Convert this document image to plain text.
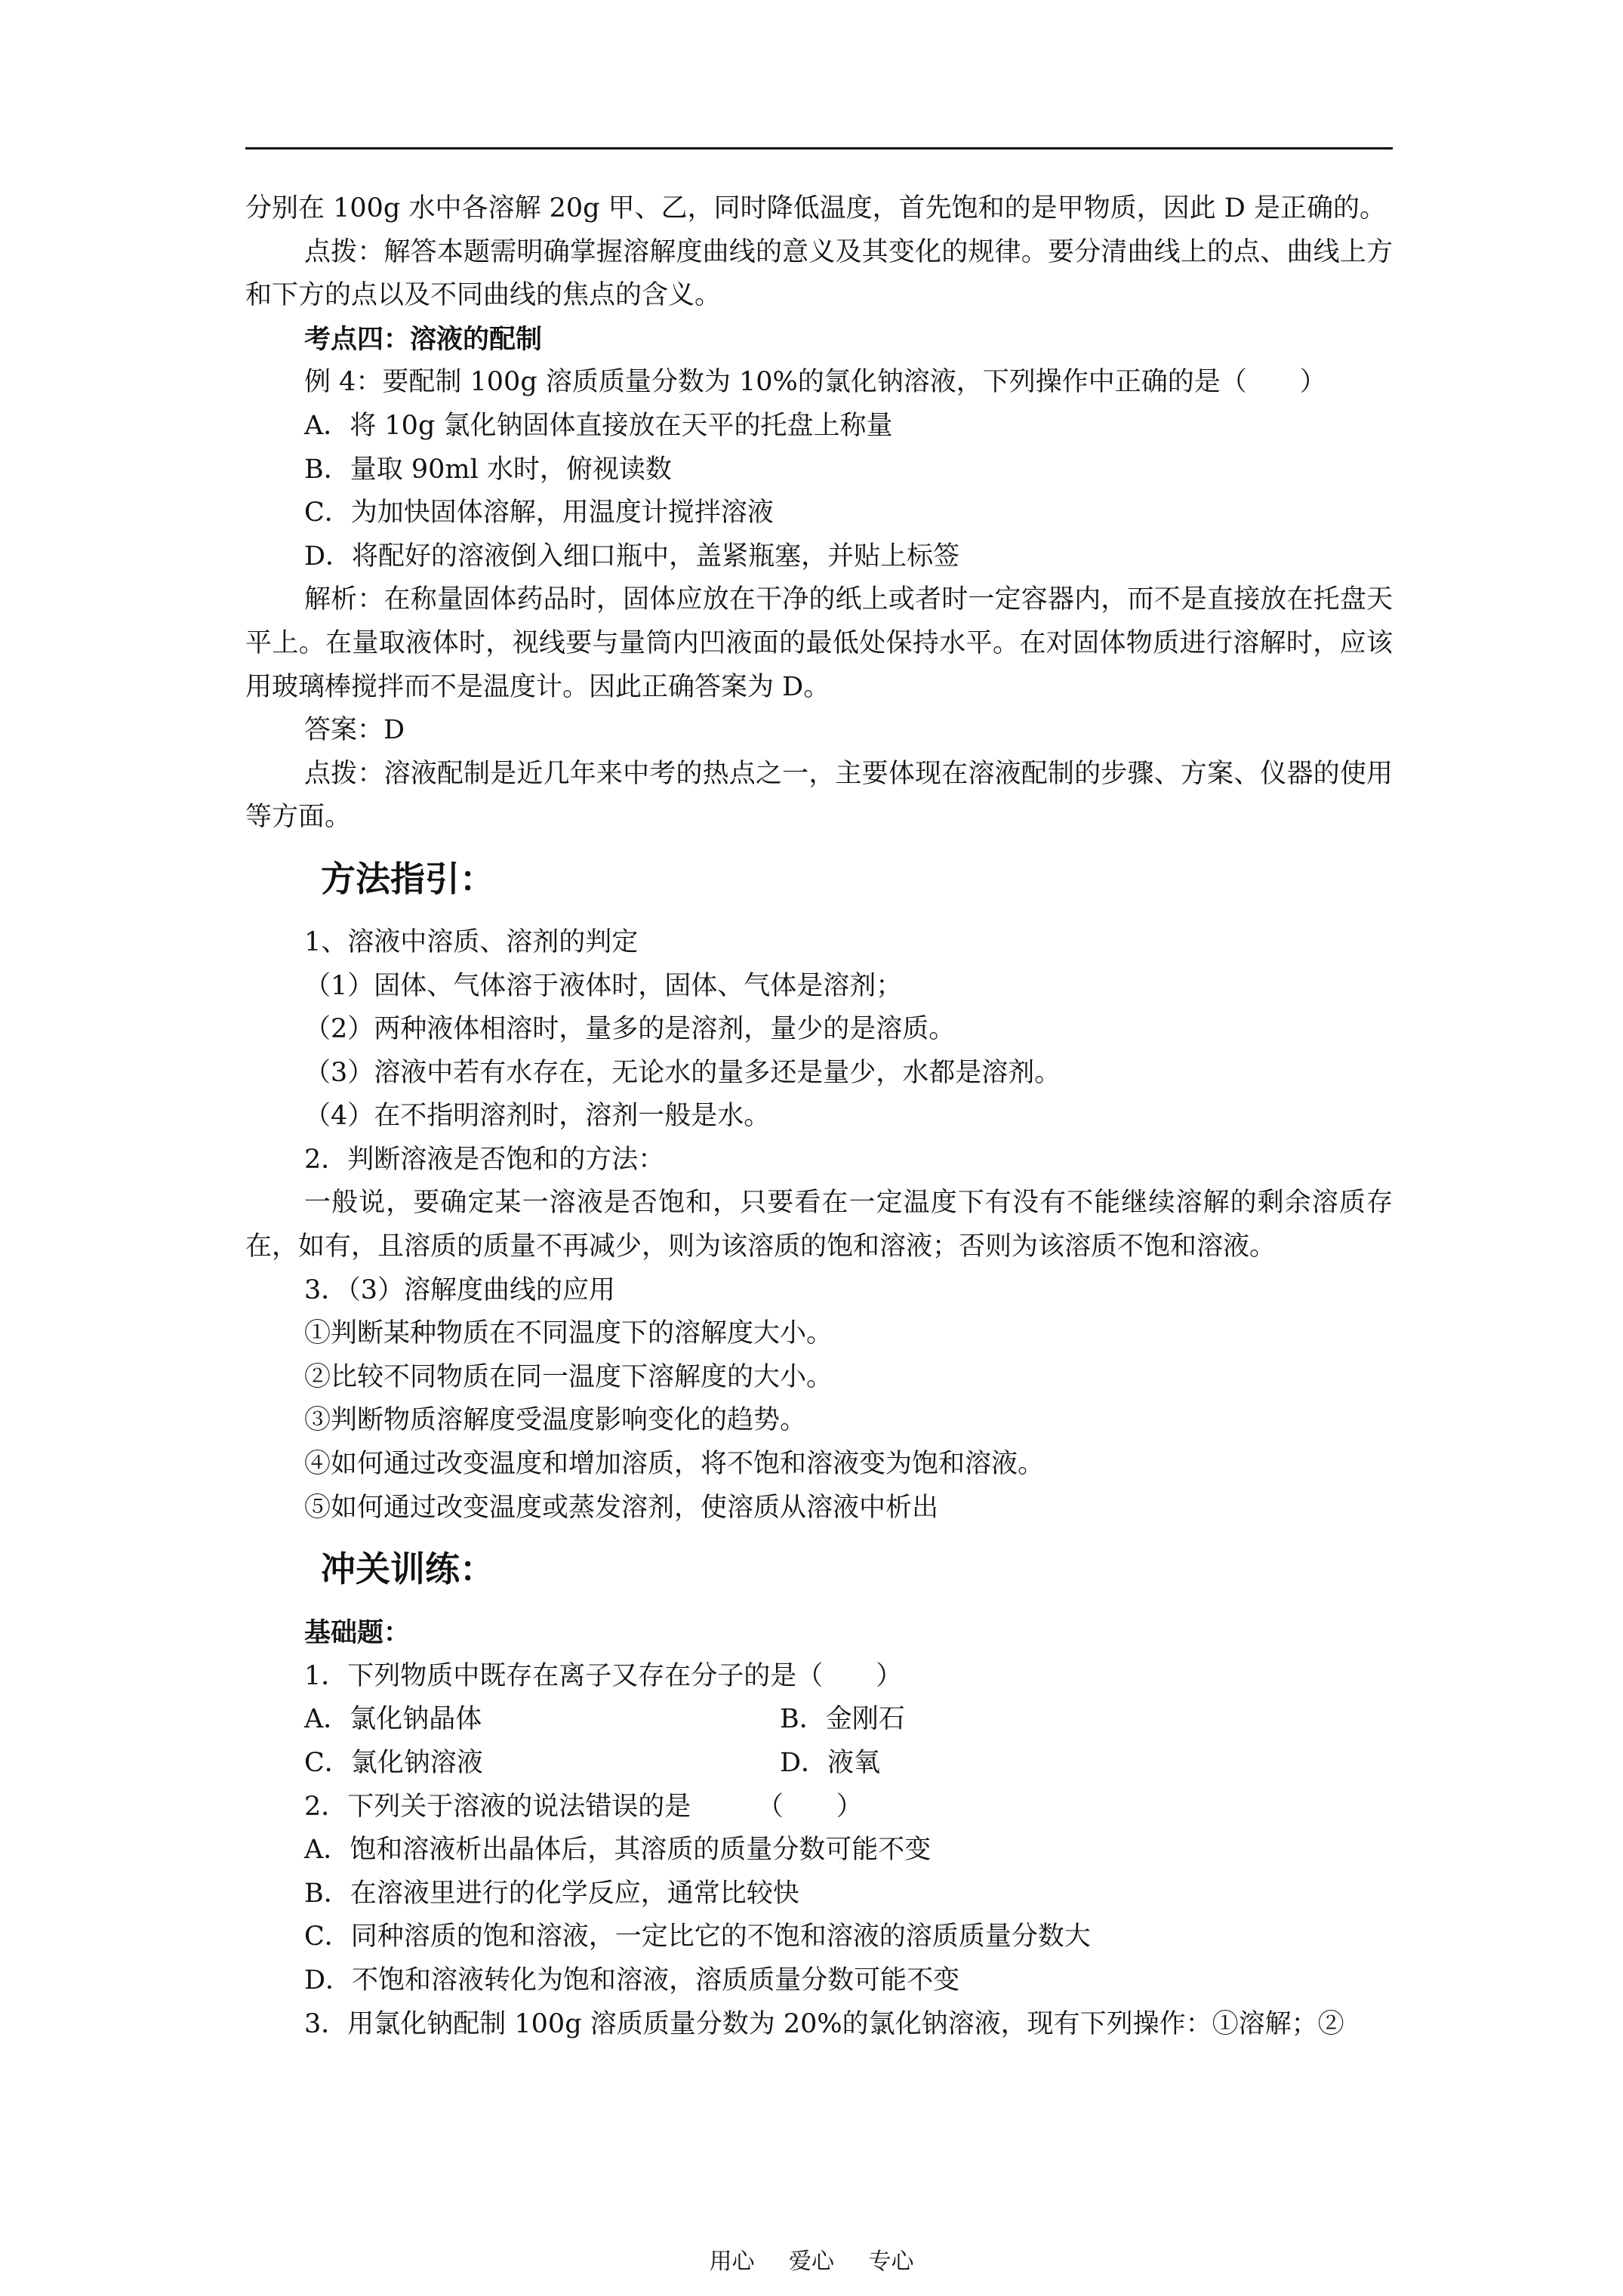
分别在 100g 水中各溶解 20g 甲、乙，同时降低温度，首先饱和的是甲物质，因此 D 是正确的。
点拨：解答本题需明确掌握溶解度曲线的意义及其变化的规律。要分清曲线上的点、曲线上方和下方的点以及不同曲线的焦点的含义。
考点四：溶液的配制
例 4：要配制 100g 溶质质量分数为 10%的氯化钠溶液，下列操作中正确的是（　　）
A．将 10g 氯化钠固体直接放在天平的托盘上称量
B．量取 90ml 水时，俯视读数
C．为加快固体溶解，用温度计搅拌溶液
D．将配好的溶液倒入细口瓶中，盖紧瓶塞，并贴上标签
解析：在称量固体药品时，固体应放在干净的纸上或者时一定容器内，而不是直接放在托盘天平上。在量取液体时，视线要与量筒内凹液面的最低处保持水平。在对固体物质进行溶解时，应该用玻璃棒搅拌而不是温度计。因此正确答案为 D。
答案：D
点拨：溶液配制是近几年来中考的热点之一，主要体现在溶液配制的步骤、方案、仪器的使用等方面。
方法指引：
1、溶液中溶质、溶剂的判定
（1）固体、气体溶于液体时，固体、气体是溶剂；
（2）两种液体相溶时，量多的是溶剂，量少的是溶质。
（3）溶液中若有水存在，无论水的量多还是量少，水都是溶剂。
（4）在不指明溶剂时，溶剂一般是水。
2．判断溶液是否饱和的方法：
一般说，要确定某一溶液是否饱和，只要看在一定温度下有没有不能继续溶解的剩余溶质存在，如有，且溶质的质量不再减少，则为该溶质的饱和溶液；否则为该溶质不饱和溶液。
3．（3）溶解度曲线的应用
①判断某种物质在不同温度下的溶解度大小。
②比较不同物质在同一温度下溶解度的大小。
③判断物质溶解度受温度影响变化的趋势。
④如何通过改变温度和增加溶质，将不饱和溶液变为饱和溶液。
⑤如何通过改变温度或蒸发溶剂，使溶质从溶液中析出
冲关训练：
基础题：
1．下列物质中既存在离子又存在分子的是（　　）
A．氯化钠晶体	B．金刚石
C．氯化钠溶液	D．液氧
2．下列关于溶液的说法错误的是　　　（　　）
A．饱和溶液析出晶体后，其溶质的质量分数可能不变
B．在溶液里进行的化学反应，通常比较快
C．同种溶质的饱和溶液，一定比它的不饱和溶液的溶质质量分数大
D．不饱和溶液转化为饱和溶液，溶质质量分数可能不变
3．用氯化钠配制 100g 溶质质量分数为 20%的氯化钠溶液，现有下列操作：①溶解；②
用心 爱心 专心
